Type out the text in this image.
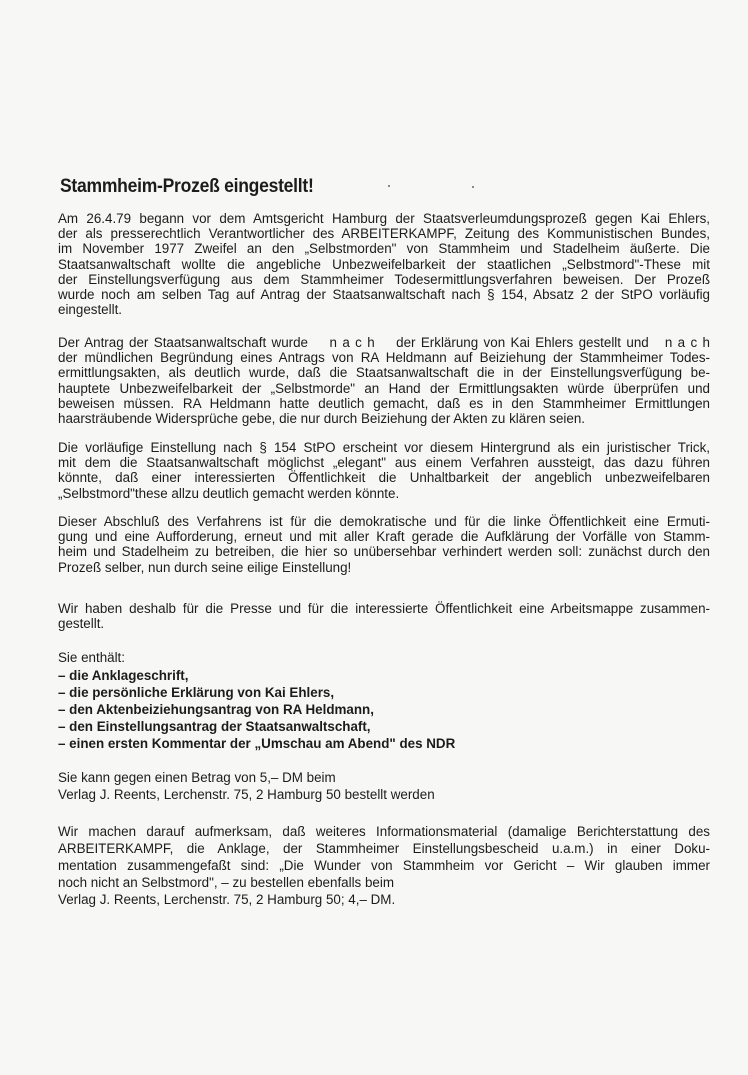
Stammheim-Prozeß eingestellt!
Am 26.4.79 begann vor dem Amtsgericht Hamburg der Staatsverleumdungsprozeß gegen Kai Ehlers,
der als presserechtlich Verantwortlicher des ARBEITERKAMPF, Zeitung des Kommunistischen Bundes,
im November 1977 Zweifel an den „Selbstmorden" von Stammheim und Stadelheim äußerte. Die
Staatsanwaltschaft wollte die angebliche Unbezweifelbarkeit der staatlichen „Selbstmord"-These mit
der Einstellungsverfügung aus dem Stammheimer Todesermittlungsverfahren beweisen. Der Prozeß
wurde noch am selben Tag auf Antrag der Staatsanwaltschaft nach § 154, Absatz 2 der StPO vorläufig
eingestellt.
Der Antrag der Staatsanwaltschaft wurde    n a c h    der Erklärung von Kai Ehlers gestellt und   n a c h
der mündlichen Begründung eines Antrags von RA Heldmann auf Beiziehung der Stammheimer Todes-
ermittlungsakten, als deutlich wurde, daß die Staatsanwaltschaft die in der Einstellungsverfügung be-
hauptete Unbezweifelbarkeit der „Selbstmorde" an Hand der Ermittlungsakten würde überprüfen und
beweisen müssen. RA Heldmann hatte deutlich gemacht, daß es in den Stammheimer Ermittlungen
haarsträubende Widersprüche gebe, die nur durch Beiziehung der Akten zu klären seien.
Die vorläufige Einstellung nach § 154 StPO erscheint vor diesem Hintergrund als ein juristischer Trick,
mit dem die Staatsanwaltschaft möglichst „elegant" aus einem Verfahren aussteigt, das dazu führen
könnte, daß einer interessierten Öffentlichkeit die Unhaltbarkeit der angeblich unbezweifelbaren
„Selbstmord"these allzu deutlich gemacht werden könnte.
Dieser Abschluß des Verfahrens ist für die demokratische und für die linke Öffentlichkeit eine Ermuti-
gung und eine Aufforderung, erneut und mit aller Kraft gerade die Aufklärung der Vorfälle von Stamm-
heim und Stadelheim zu betreiben, die hier so unübersehbar verhindert werden soll: zunächst durch den
Prozeß selber, nun durch seine eilige Einstellung!
Wir haben deshalb für die Presse und für die interessierte Öffentlichkeit eine Arbeitsmappe zusammen-
gestellt.
Sie enthält:
– die Anklageschrift,
– die persönliche Erklärung von Kai Ehlers,
– den Aktenbeiziehungsantrag von RA Heldmann,
– den Einstellungsantrag der Staatsanwaltschaft,
– einen ersten Kommentar der „Umschau am Abend" des NDR
Sie kann gegen einen Betrag von 5,– DM beim
Verlag J. Reents, Lerchenstr. 75, 2 Hamburg 50 bestellt werden
Wir machen darauf aufmerksam, daß weiteres Informationsmaterial (damalige Berichterstattung des
ARBEITERKAMPF, die Anklage, der Stammheimer Einstellungsbescheid u.a.m.) in einer Doku-
mentation zusammengefaßt sind: „Die Wunder von Stammheim vor Gericht – Wir glauben immer
noch nicht an Selbstmord", – zu bestellen ebenfalls beim
Verlag J. Reents, Lerchenstr. 75, 2 Hamburg 50; 4,– DM.
